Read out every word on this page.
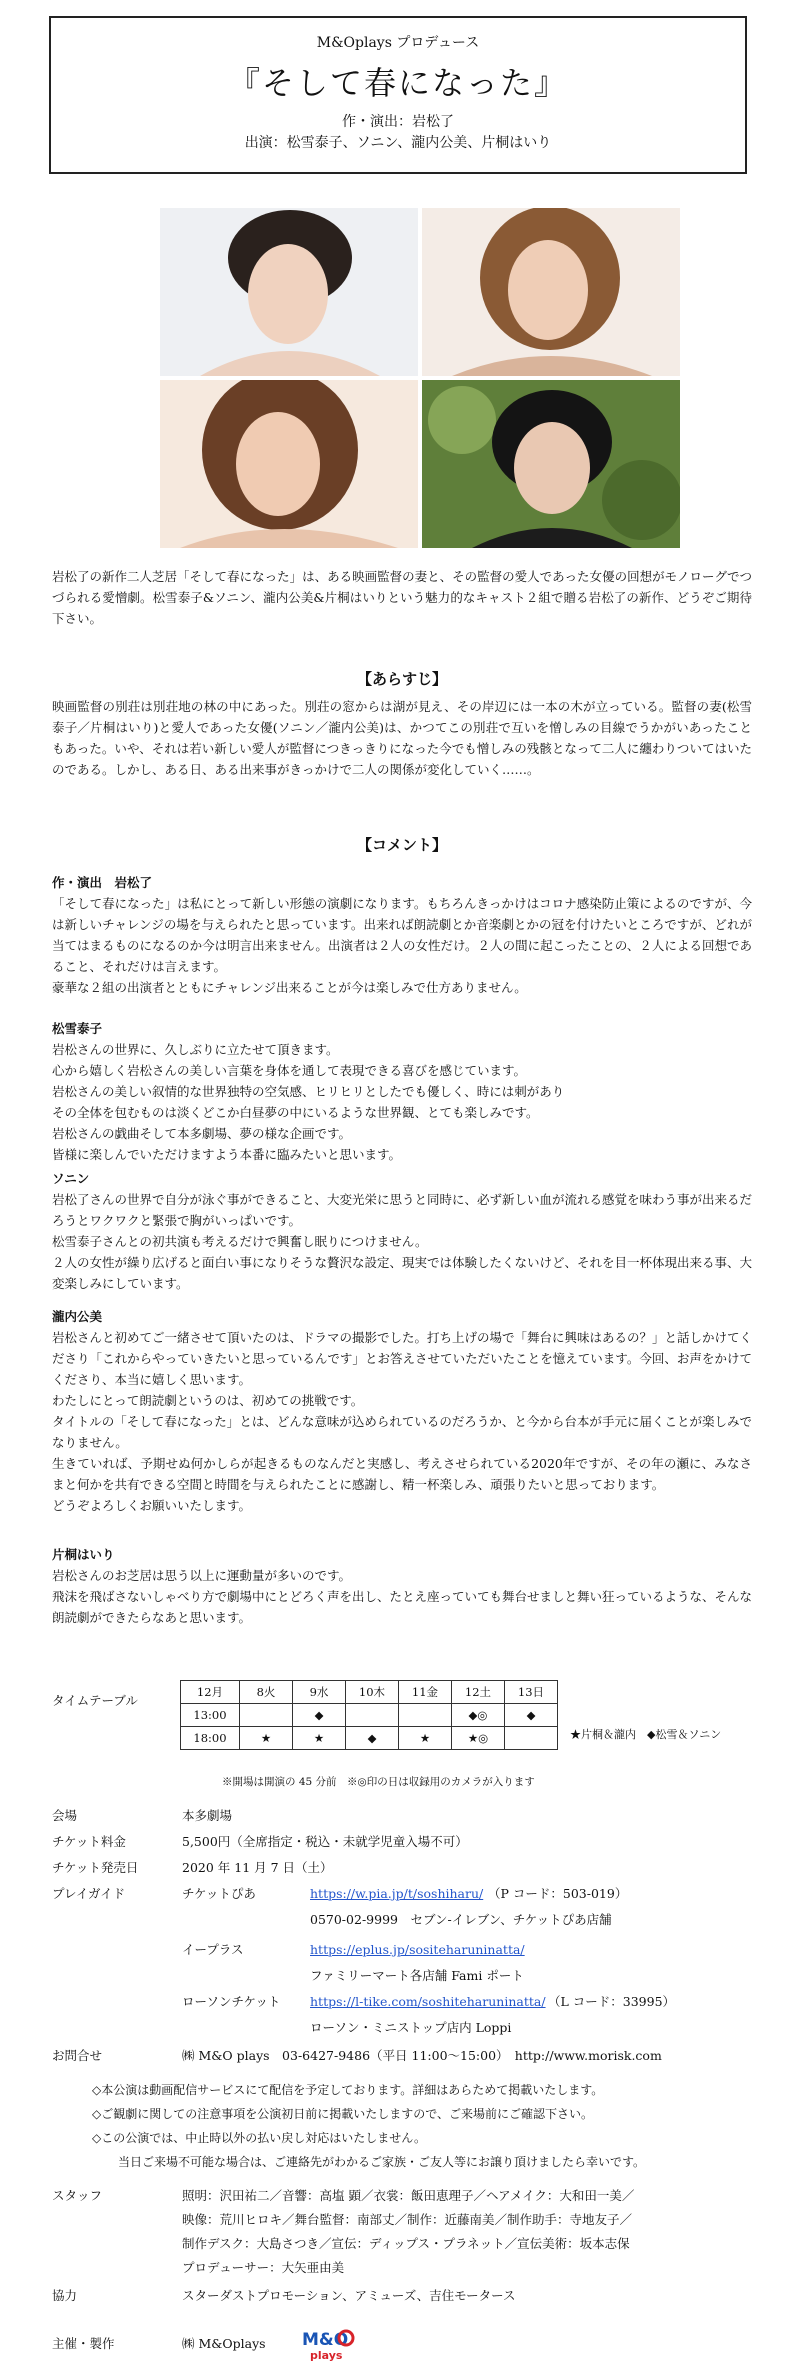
M&Oplays プロデュース
『そして春になった』
作・演出：岩松了
出演：松雪泰子、ソニン、瀧内公美、片桐はいり

岩松了の新作二人芝居「そして春になった」は、ある映画監督の妻と、その監督の愛人であった女優の回想がモノローグでつづられる愛憎劇。松雪泰子&ソニン、瀧内公美&片桐はいりという魅力的なキャスト２組で贈る岩松了の新作、どうぞご期待下さい。

【あらすじ】

映画監督の別荘は別荘地の林の中にあった。別荘の窓からは湖が見え、その岸辺には一本の木が立っている。監督の妻(松雪泰子／片桐はいり)と愛人であった女優(ソニン／瀧内公美)は、かつてこの別荘で互いを憎しみの目線でうかがいあったこともあった。いや、それは若い新しい愛人が監督につきっきりになった今でも憎しみの残骸となって二人に纏わりついてはいたのである。しかし、ある日、ある出来事がきっかけで二人の関係が変化していく……。

【コメント】

作・演出　岩松了

「そして春になった」は私にとって新しい形態の演劇になります。もちろんきっかけはコロナ感染防止策によるのですが、今は新しいチャレンジの場を与えられたと思っています。出来れば朗読劇とか音楽劇とかの冠を付けたいところですが、どれが当てはまるものになるのか今は明言出来ません。出演者は２人の女性だけ。２人の間に起こったことの、２人による回想であること、それだけは言えます。
豪華な２組の出演者とともにチャレンジ出来ることが今は楽しみで仕方ありません。

松雪泰子

岩松さんの世界に、久しぶりに立たせて頂きます。
心から嬉しく岩松さんの美しい言葉を身体を通して表現できる喜びを感じています。
岩松さんの美しい叙情的な世界独特の空気感、ヒリヒリとしたでも優しく、時には刺があり
その全体を包むものは淡くどこか白昼夢の中にいるような世界観、とても楽しみです。
岩松さんの戯曲そして本多劇場、夢の様な企画です。
皆様に楽しんでいただけますよう本番に臨みたいと思います。

ソニン

岩松了さんの世界で自分が泳ぐ事ができること、大変光栄に思うと同時に、必ず新しい血が流れる感覚を味わう事が出来るだろうとワクワクと緊張で胸がいっぱいです。
松雪泰子さんとの初共演も考えるだけで興奮し眠りにつけません。
２人の女性が繰り広げると面白い事になりそうな贅沢な設定、現実では体験したくないけど、それを目一杯体現出来る事、大変楽しみにしています。

瀧内公美

岩松さんと初めてご一緒させて頂いたのは、ドラマの撮影でした。打ち上げの場で「舞台に興味はあるの？」と話しかけてくださり「これからやっていきたいと思っているんです」とお答えさせていただいたことを憶えています。今回、お声をかけてくださり、本当に嬉しく思います。
わたしにとって朗読劇というのは、初めての挑戦です。
タイトルの「そして春になった」とは、どんな意味が込められているのだろうか、と今から台本が手元に届くことが楽しみでなりません。
生きていれば、予期せぬ何かしらが起きるものなんだと実感し、考えさせられている2020年ですが、その年の瀬に、みなさまと何かを共有できる空間と時間を与えられたことに感謝し、精一杯楽しみ、頑張りたいと思っております。
どうぞよろしくお願いいたします。

片桐はいり

岩松さんのお芝居は思う以上に運動量が多いのです。
飛沫を飛ばさないしゃべり方で劇場中にとどろく声を出し、たとえ座っていても舞台せましと舞い狂っているような、そんな朗読劇ができたらなあと思います。

タイムテーブル
12月	8火	9水	10木	11金	12土	13日
13:00		◆			◆◎	◆
18:00	★	★	◆	★	★◎		★片桐＆瀧内　◆松雪＆ソニン
※開場は開演の 45 分前　※◎印の日は収録用のカメラが入ります
会場	本多劇場
チケット料金	5,500円（全席指定・税込・未就学児童入場不可）
チケット発売日	2020 年 11 月 7 日（土）
プレイガイド	チケットぴあ	https://w.pia.jp/t/soshiharu/ （P コード：503-019）
0570-02-9999　セブン-イレブン、チケットぴあ店舗
イープラス	https://eplus.jp/sositeharuninatta/
ファミリーマート各店舗 Fami ポート
ローソンチケット https://l-tike.com/soshiteharuninatta/ （L コード：33995）
ローソン・ミニストップ店内 Loppi
お問合せ	㈱ M&O plays　03-6427-9486（平日 11:00～15:00）　http://www.morisk.com
◇本公演は動画配信サービスにて配信を予定しております。詳細はあらためて掲載いたします。
◇ご観劇に関しての注意事項を公演初日前に掲載いたしますので、ご来場前にご確認下さい。
◇この公演では、中止時以外の払い戻し対応はいたしません。
当日ご来場不可能な場合は、ご連絡先がわかるご家族・ご友人等にお譲り頂けましたら幸いです。
スタッフ	照明：沢田祐二／音響：高塩 顕／衣裳：飯田恵理子／ヘアメイク：大和田一美／
映像：荒川ヒロキ／舞台監督：南部丈／制作：近藤南美／制作助手：寺地友子／
制作デスク：大島さつき／宣伝：ディップス・プラネット／宣伝美術：坂本志保
プロデューサー：大矢亜由美
協力	スターダストプロモーション、アミューズ、吉住モータース
主催・製作	㈱ M&Oplays M&O
plays
